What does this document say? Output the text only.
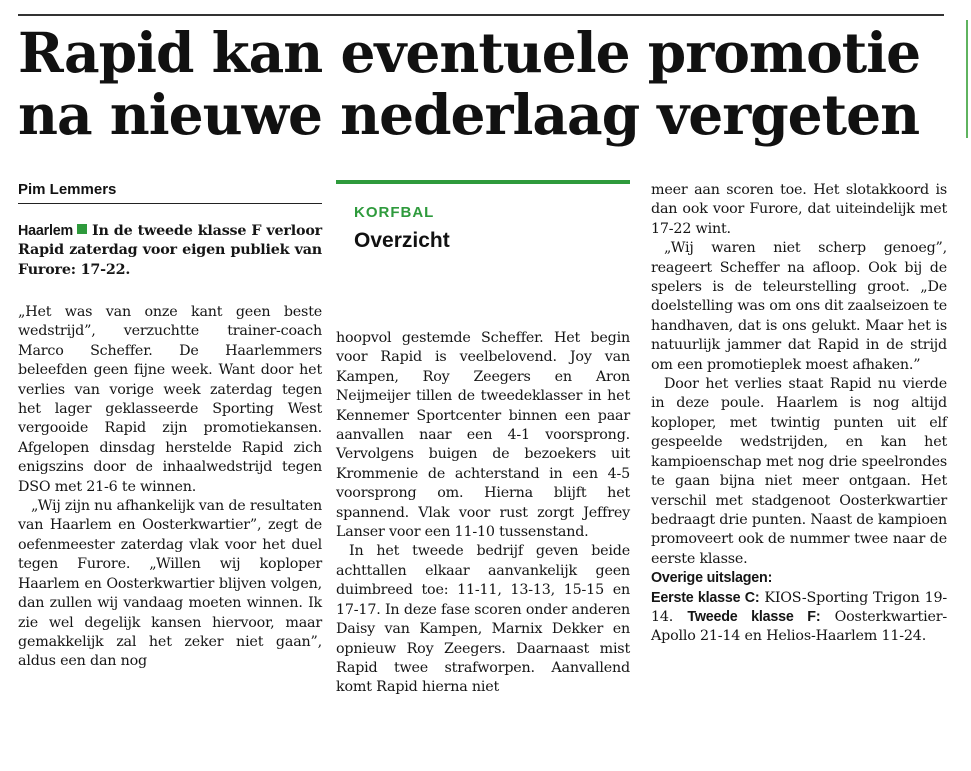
Rapid kan eventuele promotie na nieuwe nederlaag vergeten
Pim Lemmers
KORFBAL
Overzicht
Haarlem In de tweede klasse F verloor Rapid zaterdag voor eigen publiek van Furore: 17-22.

„Het was van onze kant geen beste wedstrijd”, verzuchtte trainer-coach Marco Scheffer. De Haarlemmers beleefden geen fijne week. Want door het verlies van vorige week zaterdag tegen het lager geklasseerde Sporting West vergooide Rapid zijn promotiekansen. Afgelopen dinsdag herstelde Rapid zich enigszins door de inhaalwedstrijd tegen DSO met 21-6 te winnen.

„Wij zijn nu afhankelijk van de resultaten van Haarlem en Oosterkwartier”, zegt de oefenmeester zaterdag vlak voor het duel tegen Furore. „Willen wij koploper Haarlem en Oosterkwartier blijven volgen, dan zullen wij vandaag moeten winnen. Ik zie wel degelijk kansen hiervoor, maar gemakkelijk zal het zeker niet gaan”, aldus een dan nog

hoopvol gestemde Scheffer. Het begin voor Rapid is veelbelovend. Joy van Kampen, Roy Zeegers en Aron Neijmeijer tillen de tweedeklasser in het Kennemer Sportcenter binnen een paar aanvallen naar een 4-1 voorsprong. Vervolgens buigen de bezoekers uit Krommenie de achterstand in een 4-5 voorsprong om. Hierna blijft het spannend. Vlak voor rust zorgt Jeffrey Lanser voor een 11-10 tussenstand.

In het tweede bedrijf geven beide achttallen elkaar aanvankelijk geen duimbreed toe: 11-11, 13-13, 15-15 en 17-17. In deze fase scoren onder anderen Daisy van Kampen, Marnix Dekker en opnieuw Roy Zeegers. Daarnaast mist Rapid twee strafworpen. Aanvallend komt Rapid hierna niet

meer aan scoren toe. Het slotakkoord is dan ook voor Furore, dat uiteindelijk met 17-22 wint.

„Wij waren niet scherp genoeg”, reageert Scheffer na afloop. Ook bij de spelers is de teleurstelling groot. „De doelstelling was om ons dit zaalseizoen te handhaven, dat is ons gelukt. Maar het is natuurlijk jammer dat Rapid in de strijd om een promotieplek moest afhaken.”

Door het verlies staat Rapid nu vierde in deze poule. Haarlem is nog altijd koploper, met twintig punten uit elf gespeelde wedstrijden, en kan het kampioenschap met nog drie speelrondes te gaan bijna niet meer ontgaan. Het verschil met stadgenoot Oosterkwartier bedraagt drie punten. Naast de kampioen promoveert ook de nummer twee naar de eerste klasse.

Overige uitslagen:

Eerste klasse C: KIOS-Sporting Trigon 19-14. Tweede klasse F: Oosterkwartier-Apollo 21-14 en Helios-Haarlem 11-24.
